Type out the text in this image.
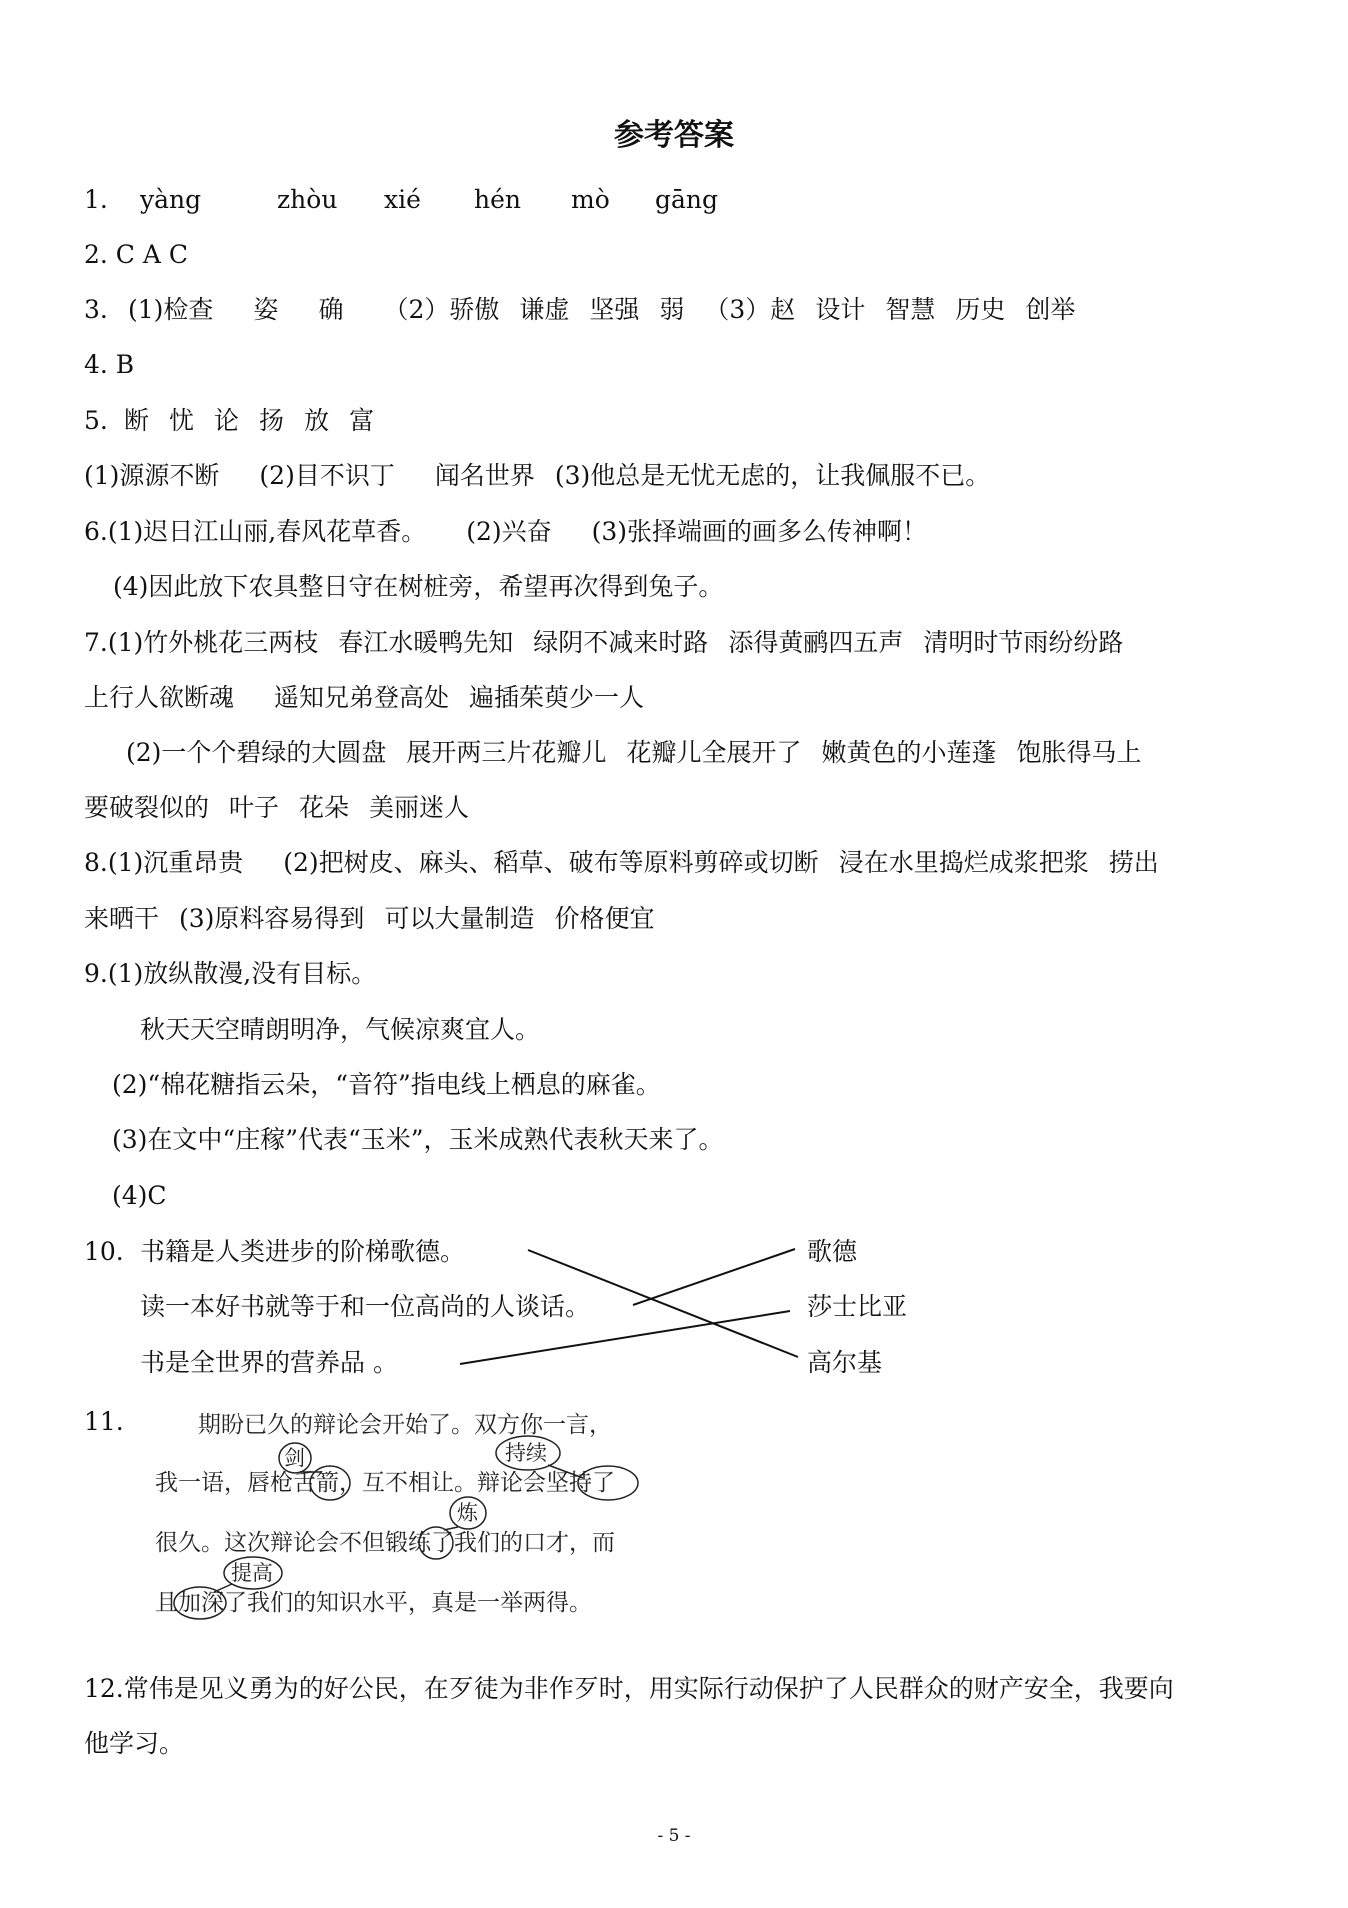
参考答案
1. yàng	zhòu xié hén mò gāng
2. C A C
3. (1)检查 姿 确 （2）骄傲 谦虚 坚强 弱 （3）赵 设计 智慧 历史 创举
4. B
5. 断 忧 论 扬 放 富
(1)源源不断 (2)目不识丁 闻名世界 (3)他总是无忧无虑的，让我佩服不已。
6.(1)迟日江山丽,春风花草香。 (2)兴奋 (3)张择端画的画多么传神啊！
(4)因此放下农具整日守在树桩旁，希望再次得到兔子。
7.(1)竹外桃花三两枝 春江水暖鸭先知 绿阴不减来时路 添得黄鹂四五声 清明时节雨纷纷路
上行人欲断魂 遥知兄弟登高处 遍插茱萸少一人
(2)一个个碧绿的大圆盘 展开两三片花瓣儿 花瓣儿全展开了 嫩黄色的小莲蓬 饱胀得马上
要破裂似的 叶子 花朵 美丽迷人
8.(1)沉重昂贵 (2)把树皮、麻头、稻草、破布等原料剪碎或切断 浸在水里捣烂成浆把浆 捞出
来晒干 (3)原料容易得到 可以大量制造 价格便宜
9.(1)放纵散漫,没有目标。
秋天天空晴朗明净，气候凉爽宜人。
(2)“棉花糖指云朵，“音符”指电线上栖息的麻雀。
(3)在文中“庄稼”代表“玉米”，玉米成熟代表秋天来了。
(4)C
10. 书籍是人类进步的阶梯歌德。
读一本好书就等于和一位高尚的人谈话。
书是全世界的营养品 。
歌德
莎士比亚
高尔基
11.	期盼已久的辩论会开始了。双方你一言，
我一语，唇枪舌箭，互不相让。辩论会坚持了
很久。这次辩论会不但锻练了我们的口才，而
且加深了我们的知识水平，真是一举两得。
剑	持续
炼
提高
12.常伟是见义勇为的好公民，在歹徒为非作歹时，用实际行动保护了人民群众的财产安全，我要向
他学习。
- 5 -
